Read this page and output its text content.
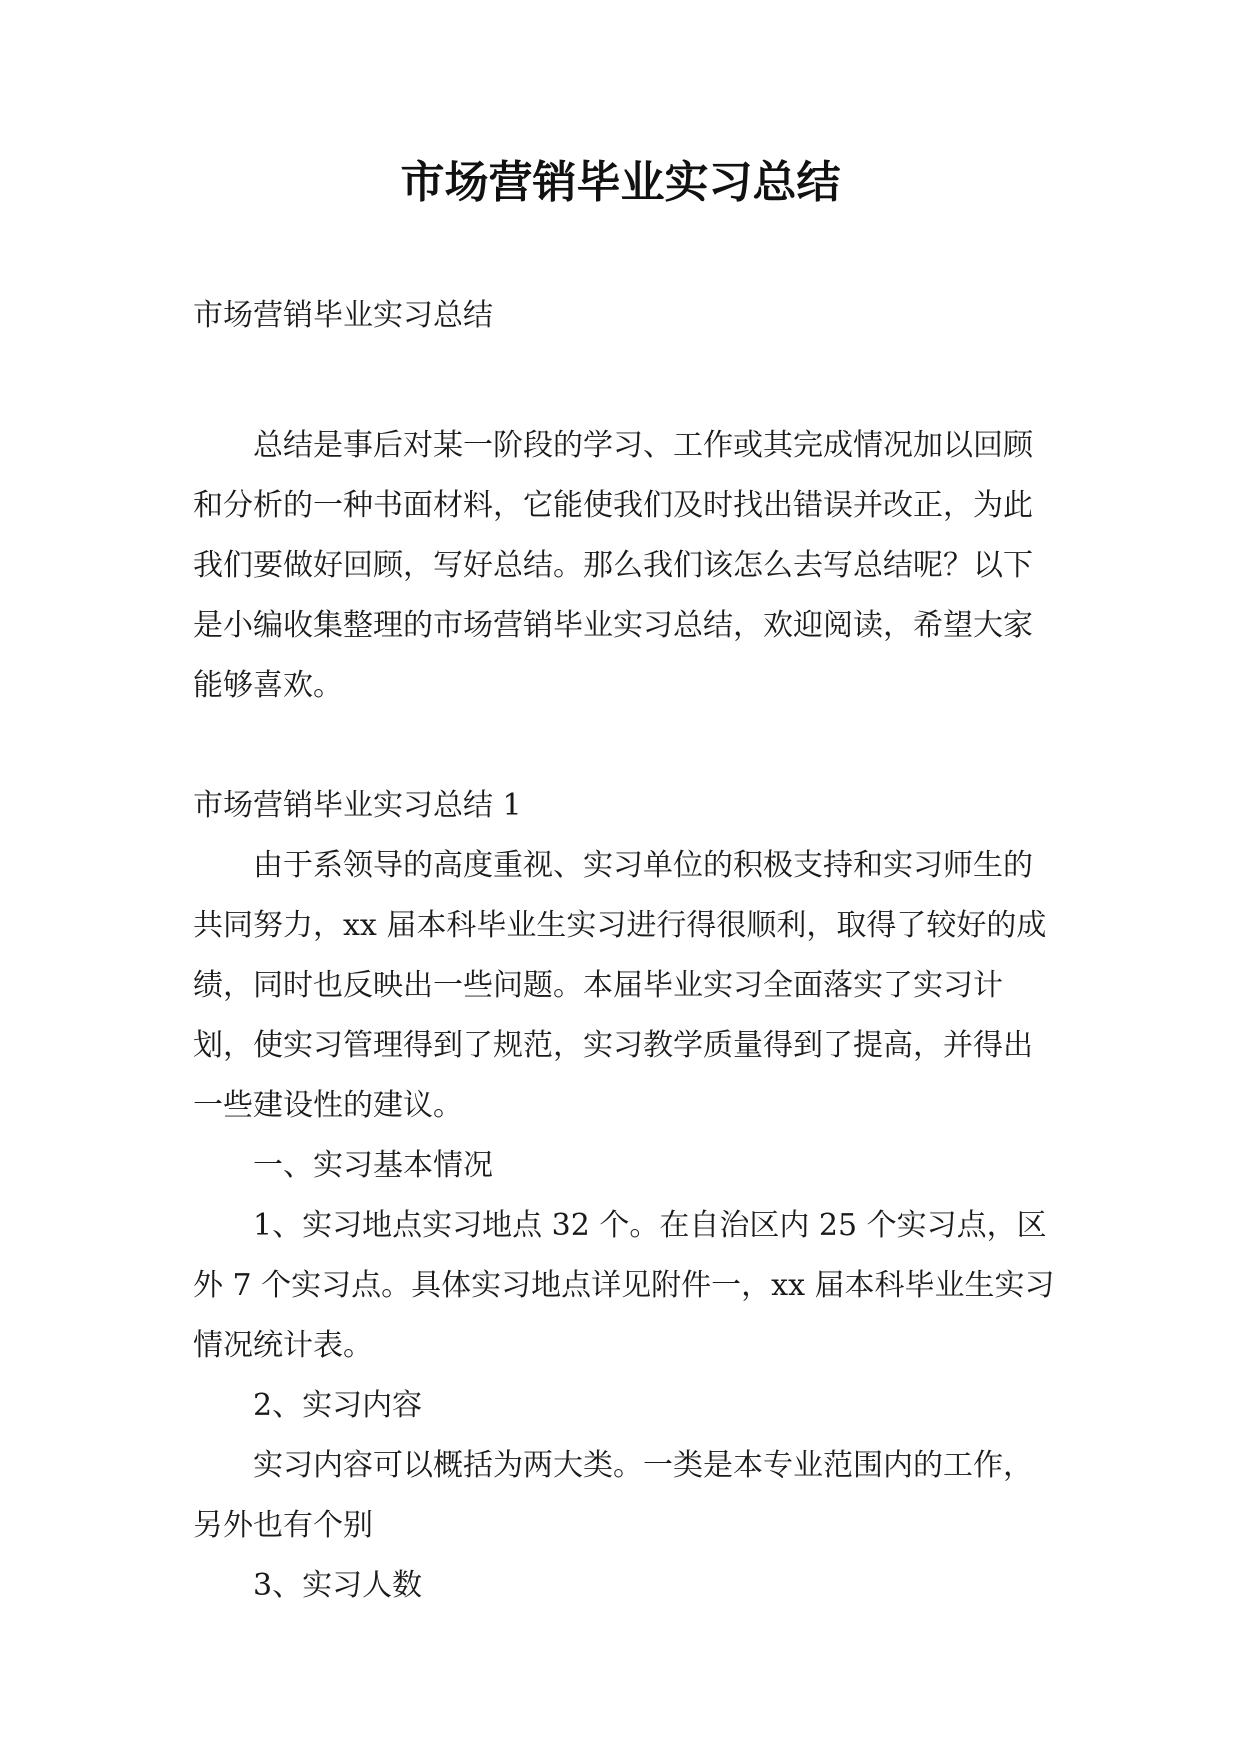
市场营销毕业实习总结

市场营销毕业实习总结

总结是事后对某一阶段的学习、工作或其完成情况加以回顾和分析的一种书面材料，它能使我们及时找出错误并改正，为此我们要做好回顾，写好总结。那么我们该怎么去写总结呢？以下是小编收集整理的市场营销毕业实习总结，欢迎阅读，希望大家能够喜欢。

市场营销毕业实习总结 1

由于系领导的高度重视、实习单位的积极支持和实习师生的共同努力，xx 届本科毕业生实习进行得很顺利，取得了较好的成绩，同时也反映出一些问题。本届毕业实习全面落实了实习计划，使实习管理得到了规范，实习教学质量得到了提高，并得出一些建设性的建议。

一、实习基本情况

1、实习地点实习地点 32 个。在自治区内 25 个实习点，区外 7 个实习点。具体实习地点详见附件一，xx 届本科毕业生实习情况统计表。

2、实习内容

实习内容可以概括为两大类。一类是本专业范围内的工作，另外也有个别

3、实习人数
